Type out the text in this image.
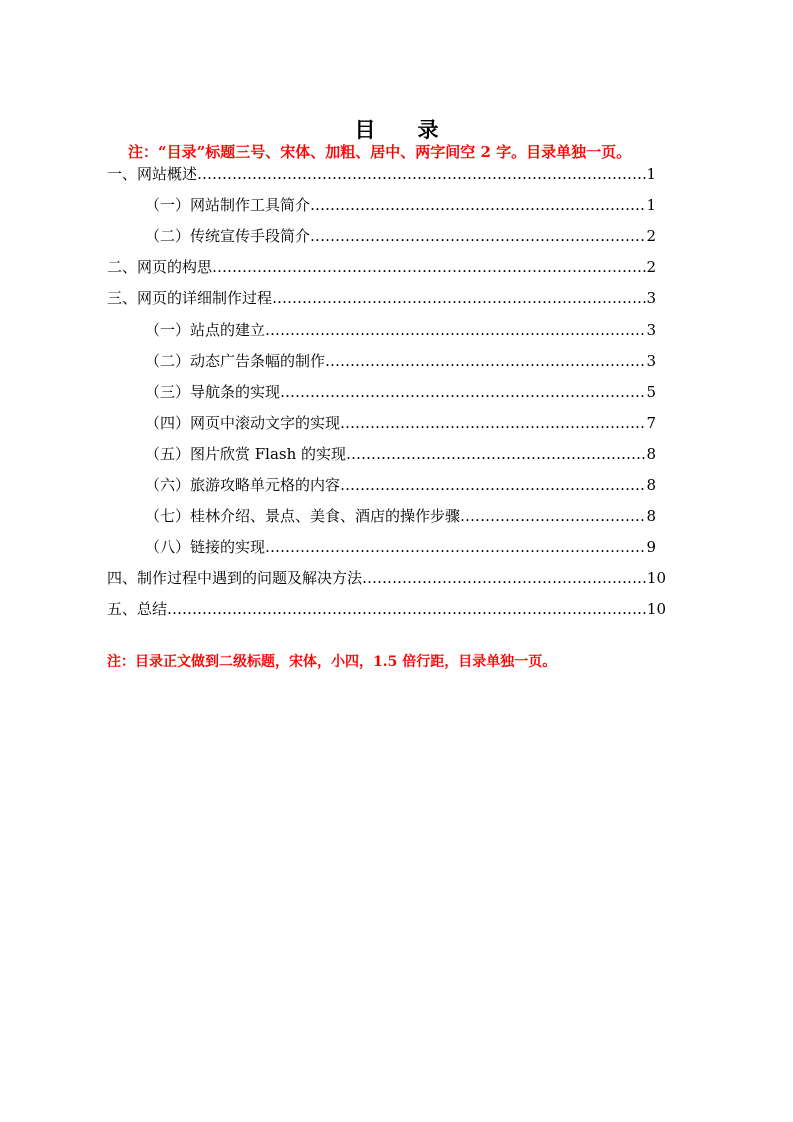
目 录
注：“目录”标题三号、宋体、加粗、居中、两字间空 2 字。目录单独一页。
一、网站概述 ……………………………………………………………………………………………………………………………………………………………………………………………………………………………………………	1
（一）网站制作工具简介 ……………………………………………………………………………………………………………………………………………………………………………………………………………………………………………	1
（二）传统宣传手段简介 ……………………………………………………………………………………………………………………………………………………………………………………………………………………………………………	2
二、网页的构思 ……………………………………………………………………………………………………………………………………………………………………………………………………………………………………………	2
三、网页的详细制作过程 ……………………………………………………………………………………………………………………………………………………………………………………………………………………………………………	3
（一）站点的建立 ……………………………………………………………………………………………………………………………………………………………………………………………………………………………………………	3
（二）动态广告条幅的制作 ……………………………………………………………………………………………………………………………………………………………………………………………………………………………………………	3
（三）导航条的实现 ……………………………………………………………………………………………………………………………………………………………………………………………………………………………………………	5
（四）网页中滚动文字的实现 ……………………………………………………………………………………………………………………………………………………………………………………………………………………………………………	7
（五）图片欣赏 Flash 的实现 ……………………………………………………………………………………………………………………………………………………………………………………………………………………………………………	8
（六）旅游攻略单元格的内容 ……………………………………………………………………………………………………………………………………………………………………………………………………………………………………………	8
（七）桂林介绍、景点、美食、酒店的操作步骤 ……………………………………………………………………………………………………………………………………………………………………………………………………………………………………………	8
（八）链接的实现 ……………………………………………………………………………………………………………………………………………………………………………………………………………………………………………	9
四、制作过程中遇到的问题及解决方法 ……………………………………………………………………………………………………………………………………………………………………………………………………………………………………………	10
五、总结 ……………………………………………………………………………………………………………………………………………………………………………………………………………………………………………	10
注：目录正文做到二级标题，宋体，小四，1.5 倍行距，目录单独一页。
